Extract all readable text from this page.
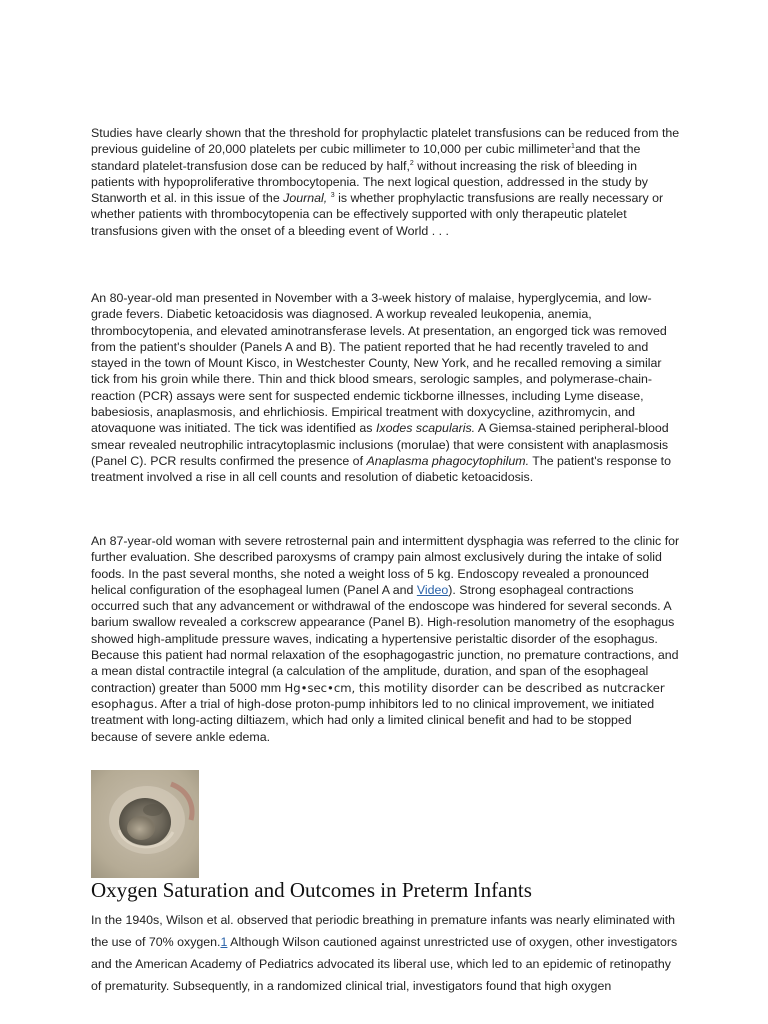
Studies have clearly shown that the threshold for prophylactic platelet transfusions can be reduced from the previous guideline of 20,000 platelets per cubic millimeter to 10,000 per cubic millimeter$^1$and that the standard platelet-transfusion dose can be reduced by half,$^2$ without increasing the risk of bleeding in patients with hypoproliferative thrombocytopenia. The next logical question, addressed in the study by Stanworth et al. in this issue of the Journal, $^3$ is whether prophylactic transfusions are really necessary or whether patients with thrombocytopenia can be effectively supported with only therapeutic platelet transfusions given with the onset of a bleeding event of World . . .

An 80-year-old man presented in November with a 3-week history of malaise, hyperglycemia, and low-grade fevers. Diabetic ketoacidosis was diagnosed. A workup revealed leukopenia, anemia, thrombocytopenia, and elevated aminotransferase levels. At presentation, an engorged tick was removed from the patient's shoulder (Panels A and B). The patient reported that he had recently traveled to and stayed in the town of Mount Kisco, in Westchester County, New York, and he recalled removing a similar tick from his groin while there. Thin and thick blood smears, serologic samples, and polymerase-chain-reaction (PCR) assays were sent for suspected endemic tickborne illnesses, including Lyme disease, babesiosis, anaplasmosis, and ehrlichiosis. Empirical treatment with doxycycline, azithromycin, and atovaquone was initiated. The tick was identified as Ixodes scapularis. A Giemsa-stained peripheral-blood smear revealed neutrophilic intracytoplasmic inclusions (morulae) that were consistent with anaplasmosis (Panel C). PCR results confirmed the presence of Anaplasma phagocytophilum. The patient's response to treatment involved a rise in all cell counts and resolution of diabetic ketoacidosis.

An 87-year-old woman with severe retrosternal pain and intermittent dysphagia was referred to the clinic for further evaluation. She described paroxysms of crampy pain almost exclusively during the intake of solid foods. In the past several months, she noted a weight loss of 5 kg. Endoscopy revealed a pronounced helical configuration of the esophageal lumen (Panel A and Video). Strong esophageal contractions occurred such that any advancement or withdrawal of the endoscope was hindered for several seconds. A barium swallow revealed a corkscrew appearance (Panel B). High-resolution manometry of the esophagus showed high-amplitude pressure waves, indicating a hypertensive peristaltic disorder of the esophagus. Because this patient had normal relaxation of the esophagogastric junction, no premature contractions, and a mean distal contractile integral (a calculation of the amplitude, duration, and span of the esophageal contraction) greater than 5000 mm Hg•sec•cm, this motility disorder can be described as nutcracker esophagus. After a trial of high-dose proton-pump inhibitors led to no clinical improvement, we initiated treatment with long-acting diltiazem, which had only a limited clinical benefit and had to be stopped because of severe ankle edema.

Oxygen Saturation and Outcomes in Preterm Infants

In the 1940s, Wilson et al. observed that periodic breathing in premature infants was nearly eliminated with the use of 70% oxygen.1 Although Wilson cautioned against unrestricted use of oxygen, other investigators and the American Academy of Pediatrics advocated its liberal use, which led to an epidemic of retinopathy of prematurity. Subsequently, in a randomized clinical trial, investigators found that high oxygen
